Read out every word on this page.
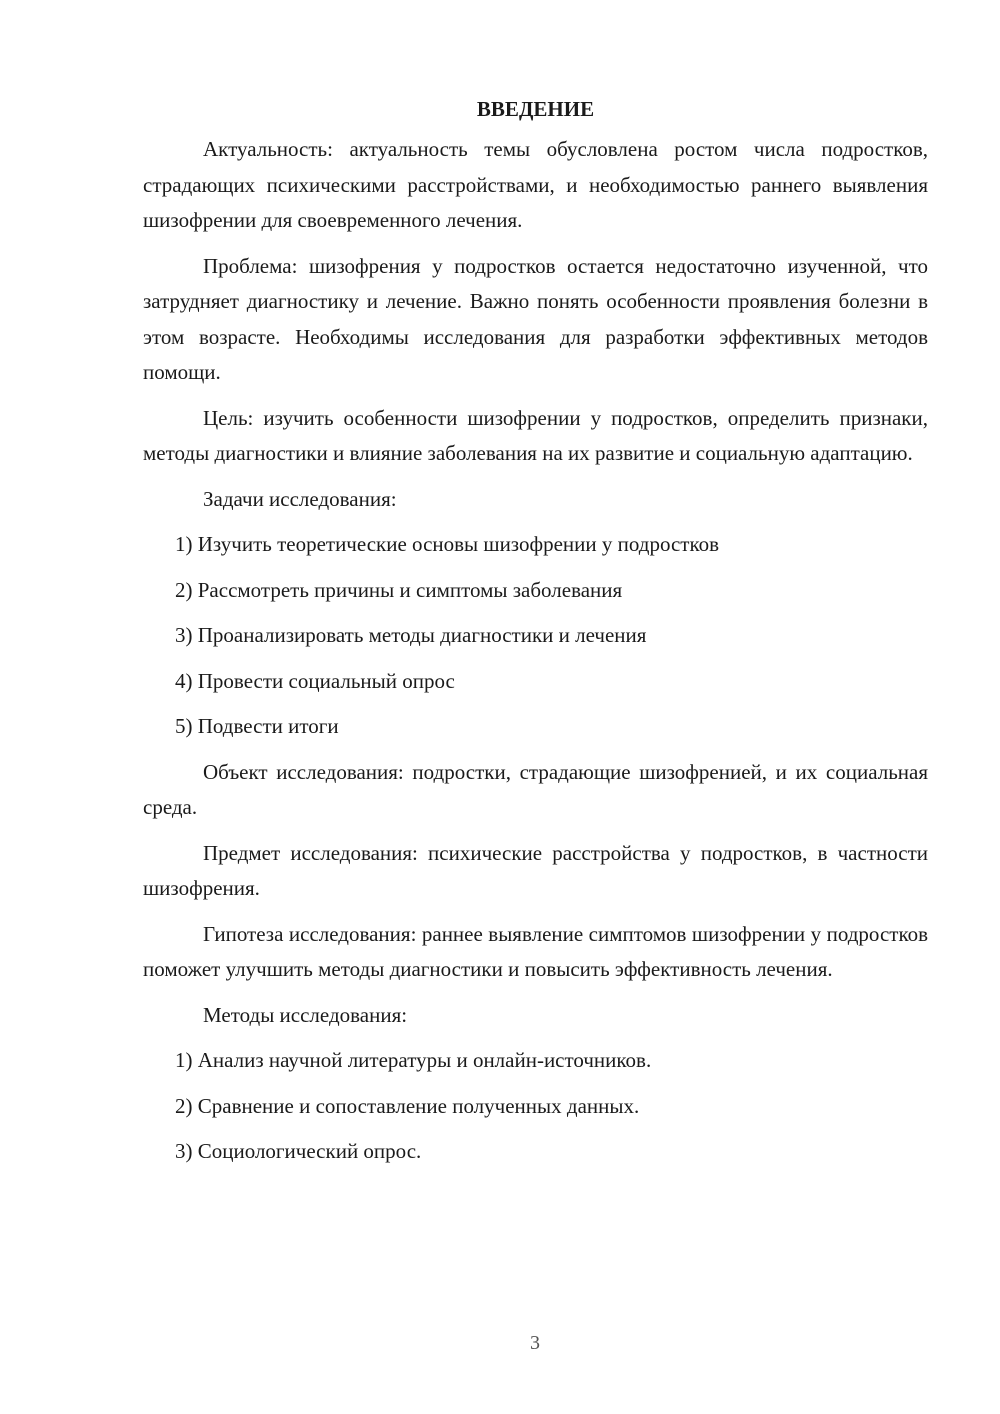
ВВЕДЕНИЕ

Актуальность: актуальность темы обусловлена ростом числа подростков, страдающих психическими расстройствами, и необходимостью раннего выявления шизофрении для своевременного лечения.

Проблема: шизофрения у подростков остается недостаточно изученной, что затрудняет диагностику и лечение. Важно понять особенности проявления болезни в этом возрасте. Необходимы исследования для разработки эффективных методов помощи.

Цель: изучить особенности шизофрении у подростков, определить признаки, методы диагностики и влияние заболевания на их развитие и социальную адаптацию.

Задачи исследования:

1) Изучить теоретические основы шизофрении у подростков

2) Рассмотреть причины и симптомы заболевания

3) Проанализировать методы диагностики и лечения

4) Провести социальный опрос

5) Подвести итоги

Объект исследования: подростки, страдающие шизофренией, и их социальная среда.

Предмет исследования: психические расстройства у подростков, в частности шизофрения.

Гипотеза исследования: раннее выявление симптомов шизофрении у подростков поможет улучшить методы диагностики и повысить эффективность лечения.

Методы исследования:

1) Анализ научной литературы и онлайн-источников.

2) Сравнение и сопоставление полученных данных.

3) Социологический опрос.

3
